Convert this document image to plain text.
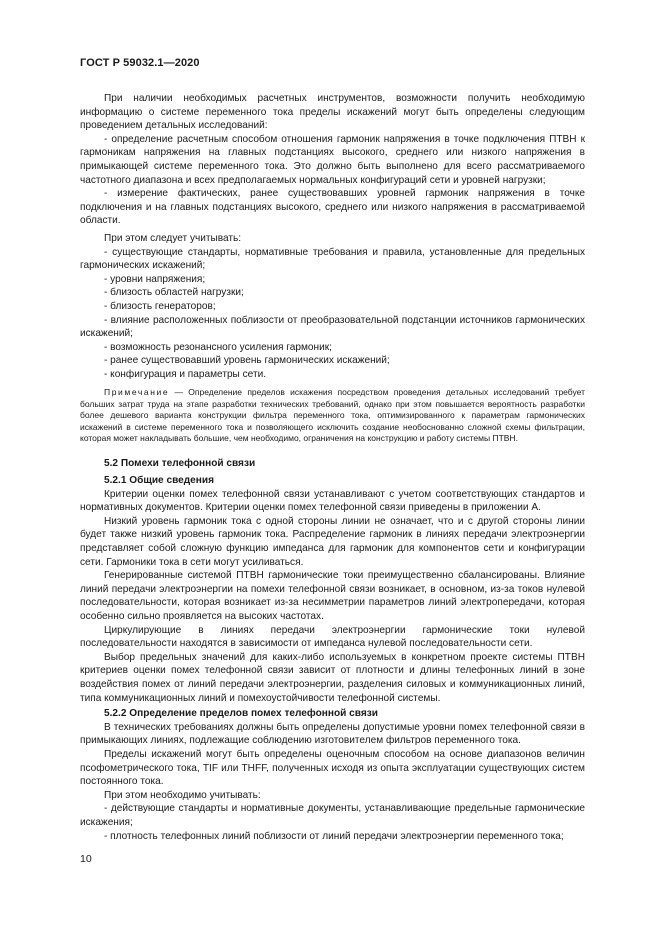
ГОСТ Р 59032.1—2020

При наличии необходимых расчетных инструментов, возможности получить необходимую информацию о системе переменного тока пределы искажений могут быть определены следующим проведением детальных исследований:

- определение расчетным способом отношения гармоник напряжения в точке подключения ПТВН к гармоникам напряжения на главных подстанциях высокого, среднего или низкого напряжения в примыкающей системе переменного тока. Это должно быть выполнено для всего рассматриваемого частотного диапазона и всех предполагаемых нормальных конфигураций сети и уровней нагрузки;

- измерение фактических, ранее существовавших уровней гармоник напряжения в точке подключения и на главных подстанциях высокого, среднего или низкого напряжения в рассматриваемой области.

При этом следует учитывать:

- существующие стандарты, нормативные требования и правила, установленные для предельных гармонических искажений;

- уровни напряжения;

- близость областей нагрузки;

- близость генераторов;

- влияние расположенных поблизости от преобразовательной подстанции источников гармонических искажений;

- возможность резонансного усиления гармоник;

- ранее существовавший уровень гармонических искажений;

- конфигурация и параметры сети.

Примечание — Определение пределов искажения посредством проведения детальных исследований требует больших затрат труда на этапе разработки технических требований, однако при этом повышается вероятность разработки более дешевого варианта конструкции фильтра переменного тока, оптимизированного к параметрам гармонических искажений в системе переменного тока и позволяющего исключить создание необоснованно сложной схемы фильтрации, которая может накладывать большие, чем необходимо, ограничения на конструкцию и работу системы ПТВН.
5.2 Помехи телефонной связи
5.2.1 Общие сведения

Критерии оценки помех телефонной связи устанавливают с учетом соответствующих стандартов и нормативных документов. Критерии оценки помех телефонной связи приведены в приложении А.

Низкий уровень гармоник тока с одной стороны линии не означает, что и с другой стороны линии будет также низкий уровень гармоник тока. Распределение гармоник в линиях передачи электроэнергии представляет собой сложную функцию импеданса для гармоник для компонентов сети и конфигурации сети. Гармоники тока в сети могут усиливаться.

Генерированные системой ПТВН гармонические токи преимущественно сбалансированы. Влияние линий передачи электроэнергии на помехи телефонной связи возникает, в основном, из-за токов нулевой последовательности, которая возникает из-за несимметрии параметров линий электропередачи, которая особенно сильно проявляется на высоких частотах.

Циркулирующие в линиях передачи электроэнергии гармонические токи нулевой последовательности находятся в зависимости от импеданса нулевой последовательности сети.

Выбор предельных значений для каких-либо используемых в конкретном проекте системы ПТВН критериев оценки помех телефонной связи зависит от плотности и длины телефонных линий в зоне воздействия помех от линий передачи электроэнергии, разделения силовых и коммуникационных линий, типа коммуникационных линий и помехоустойчивости телефонной системы.

5.2.2 Определение пределов помех телефонной связи

В технических требованиях должны быть определены допустимые уровни помех телефонной связи в примыкающих линиях, подлежащие соблюдению изготовителем фильтров переменного тока.

Пределы искажений могут быть определены оценочным способом на основе диапазонов величин псофометрического тока, TIF или THFF, полученных исходя из опыта эксплуатации существующих систем постоянного тока.

При этом необходимо учитывать:

- действующие стандарты и нормативные документы, устанавливающие предельные гармонические искажения;

- плотность телефонных линий поблизости от линий передачи электроэнергии переменного тока;

10
